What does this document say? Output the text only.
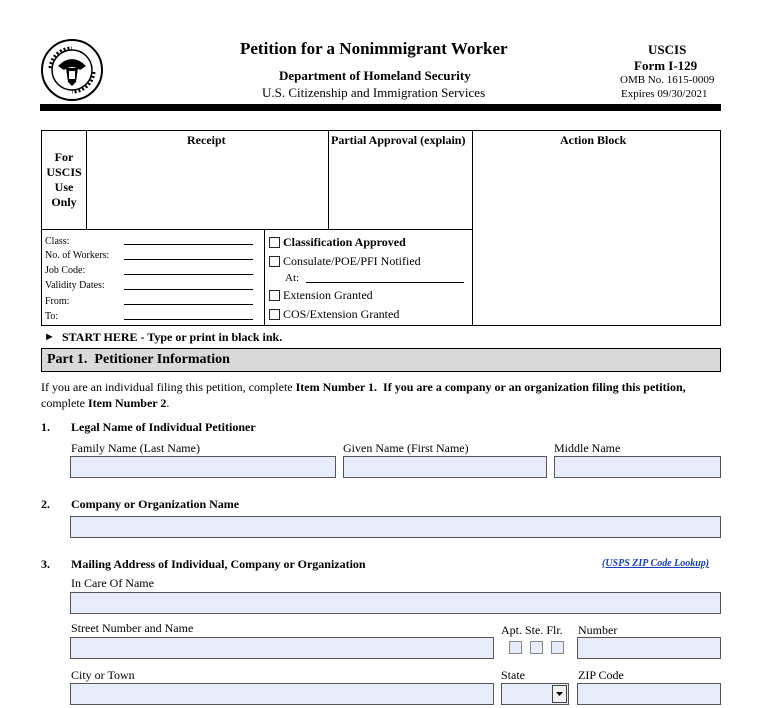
Petition for a Nonimmigrant Worker
Department of Homeland Security
U.S. Citizenship and Immigration Services
USCIS
Form I-129
OMB No. 1615-0009
Expires 09/30/2021
For
USCIS
Use
Only
Receipt	Partial Approval (explain)	Action Block
Class:
No. of Workers:
Job Code:
Validity Dates:
From:
To:
Classification Approved
Consulate/POE/PFI Notified
At:
Extension Granted
COS/Extension Granted
► START HERE - Type or print in black ink.
Part 1.  Petitioner Information
If you are an individual filing this petition, complete Item Number 1.  If you are a company or an organization filing this petition,
complete Item Number 2.
1. Legal Name of Individual Petitioner
Family Name (Last Name)	Given Name (First Name)	Middle Name
2. Company or Organization Name
3. Mailing Address of Individual, Company or Organization	(USPS ZIP Code Lookup)
In Care Of Name
Street Number and Name	Apt. Ste. Flr. Number
City or Town	State	ZIP Code
